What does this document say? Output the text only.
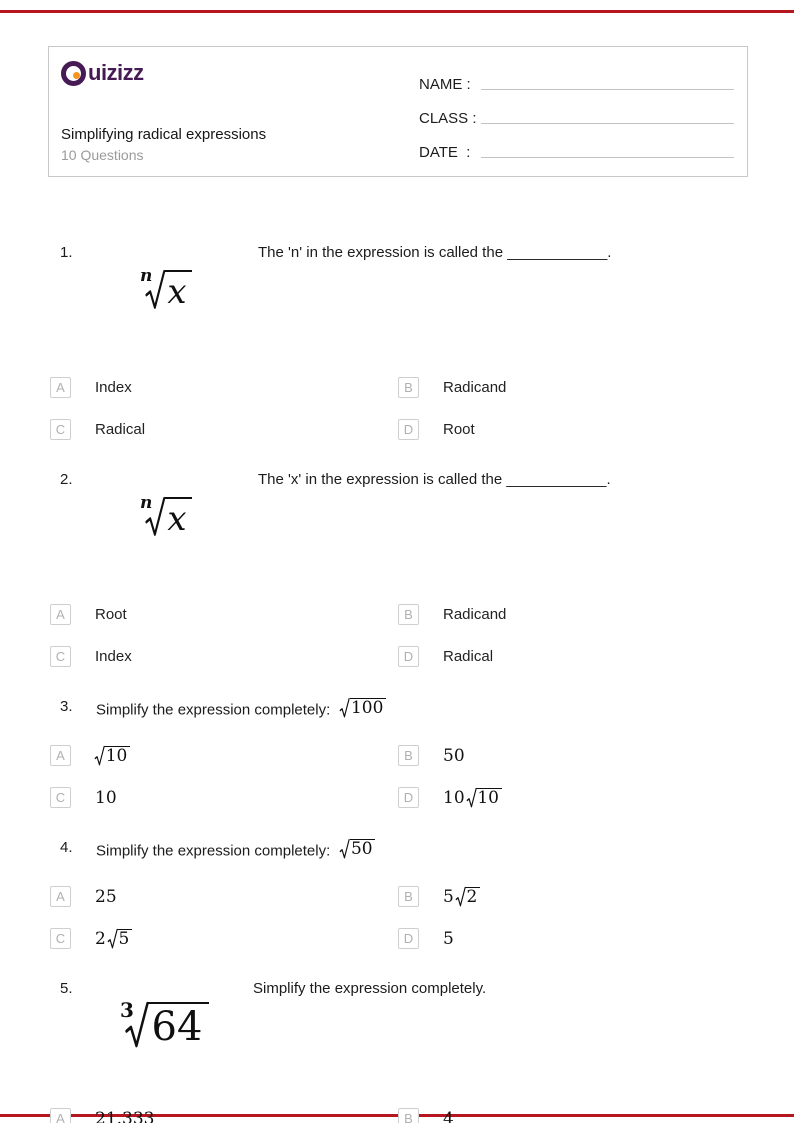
uizizz
Simplifying radical expressions
10 Questions
NAME :
CLASS :
DATE  :
1.	The 'n' in the expression is called the ____________.
n x
A	Index	B	Radicand
C	Radical	D	Root
2.	The 'x' in the expression is called the ____________.
n x
A	Root	B	Radicand
C	Index	D	Radical
3. Simplify the expression completely: 100
A	10	B	50
C	10	D	10 10
4. Simplify the expression completely: 50
A	25	B	5 2
C	2 5	D	5
5.	Simplify the expression completely.
3 64
A	21.333	B	4
